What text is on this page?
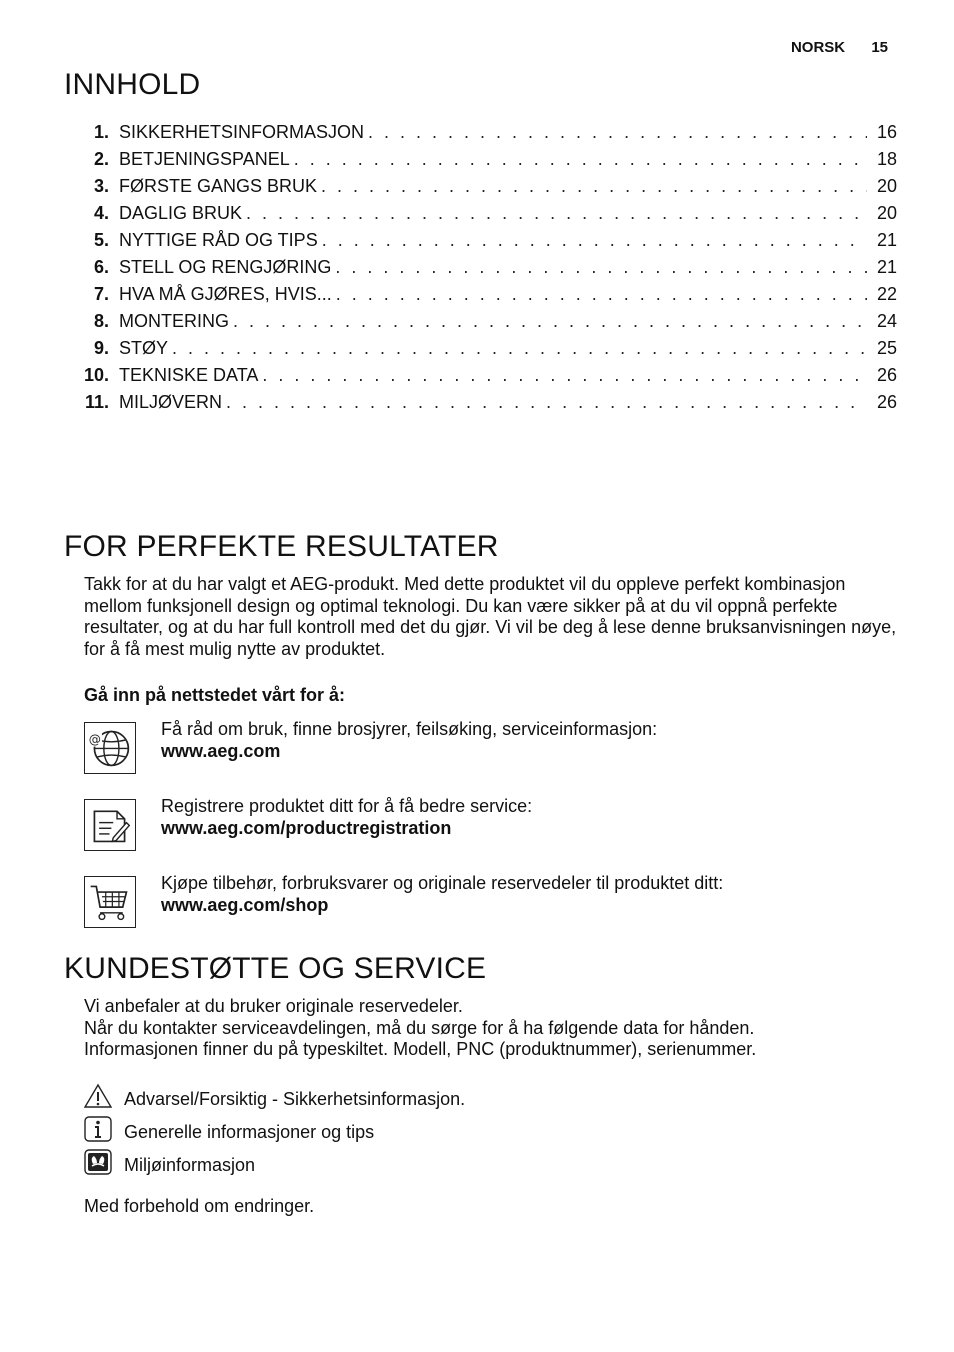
NORSK 15
INNHOLD
1. SIKKERHETSINFORMASJON . . .	16
2. BETJENINGSPANEL . . .	18
3. FØRSTE GANGS BRUK . . .	20
4. DAGLIG BRUK . . .	20
5. NYTTIGE RÅD OG TIPS . . .	21
6. STELL OG RENGJØRING . . .	21
7. HVA MÅ GJØRES, HVIS... . . .	22
8. MONTERING . . .	24
9. STØY . . .	25
10. TEKNISKE DATA . . .	26
11. MILJØVERN . . .	26
FOR PERFEKTE RESULTATER

Takk for at du har valgt et AEG-produkt. Med dette produktet vil du oppleve perfekt kombinasjon mellom funksjonell design og optimal teknologi. Du kan være sikker på at du vil oppnå perfekte resultater, og at du har full kontroll med det du gjør. Vi vil be deg å lese denne bruksanvisningen nøye, for å få mest mulig nytte av produktet.

Gå inn på nettstedet vårt for å:

@
Få råd om bruk, finne brosjyrer, feilsøking, serviceinformasjon:
www.aeg.com
Registrere produktet ditt for å få bedre service:
www.aeg.com/productregistration
Kjøpe tilbehør, forbruksvarer og originale reservedeler til produktet ditt:
www.aeg.com/shop
KUNDESTØTTE OG SERVICE
Vi anbefaler at du bruker originale reservedeler.
Når du kontakter serviceavdelingen, må du sørge for å ha følgende data for hånden.
Informasjonen finner du på typeskiltet. Modell, PNC (produktnummer), serienummer.
Advarsel/Forsiktig - Sikkerhetsinformasjon.
Generelle informasjoner og tips
Miljøinformasjon

Med forbehold om endringer.
